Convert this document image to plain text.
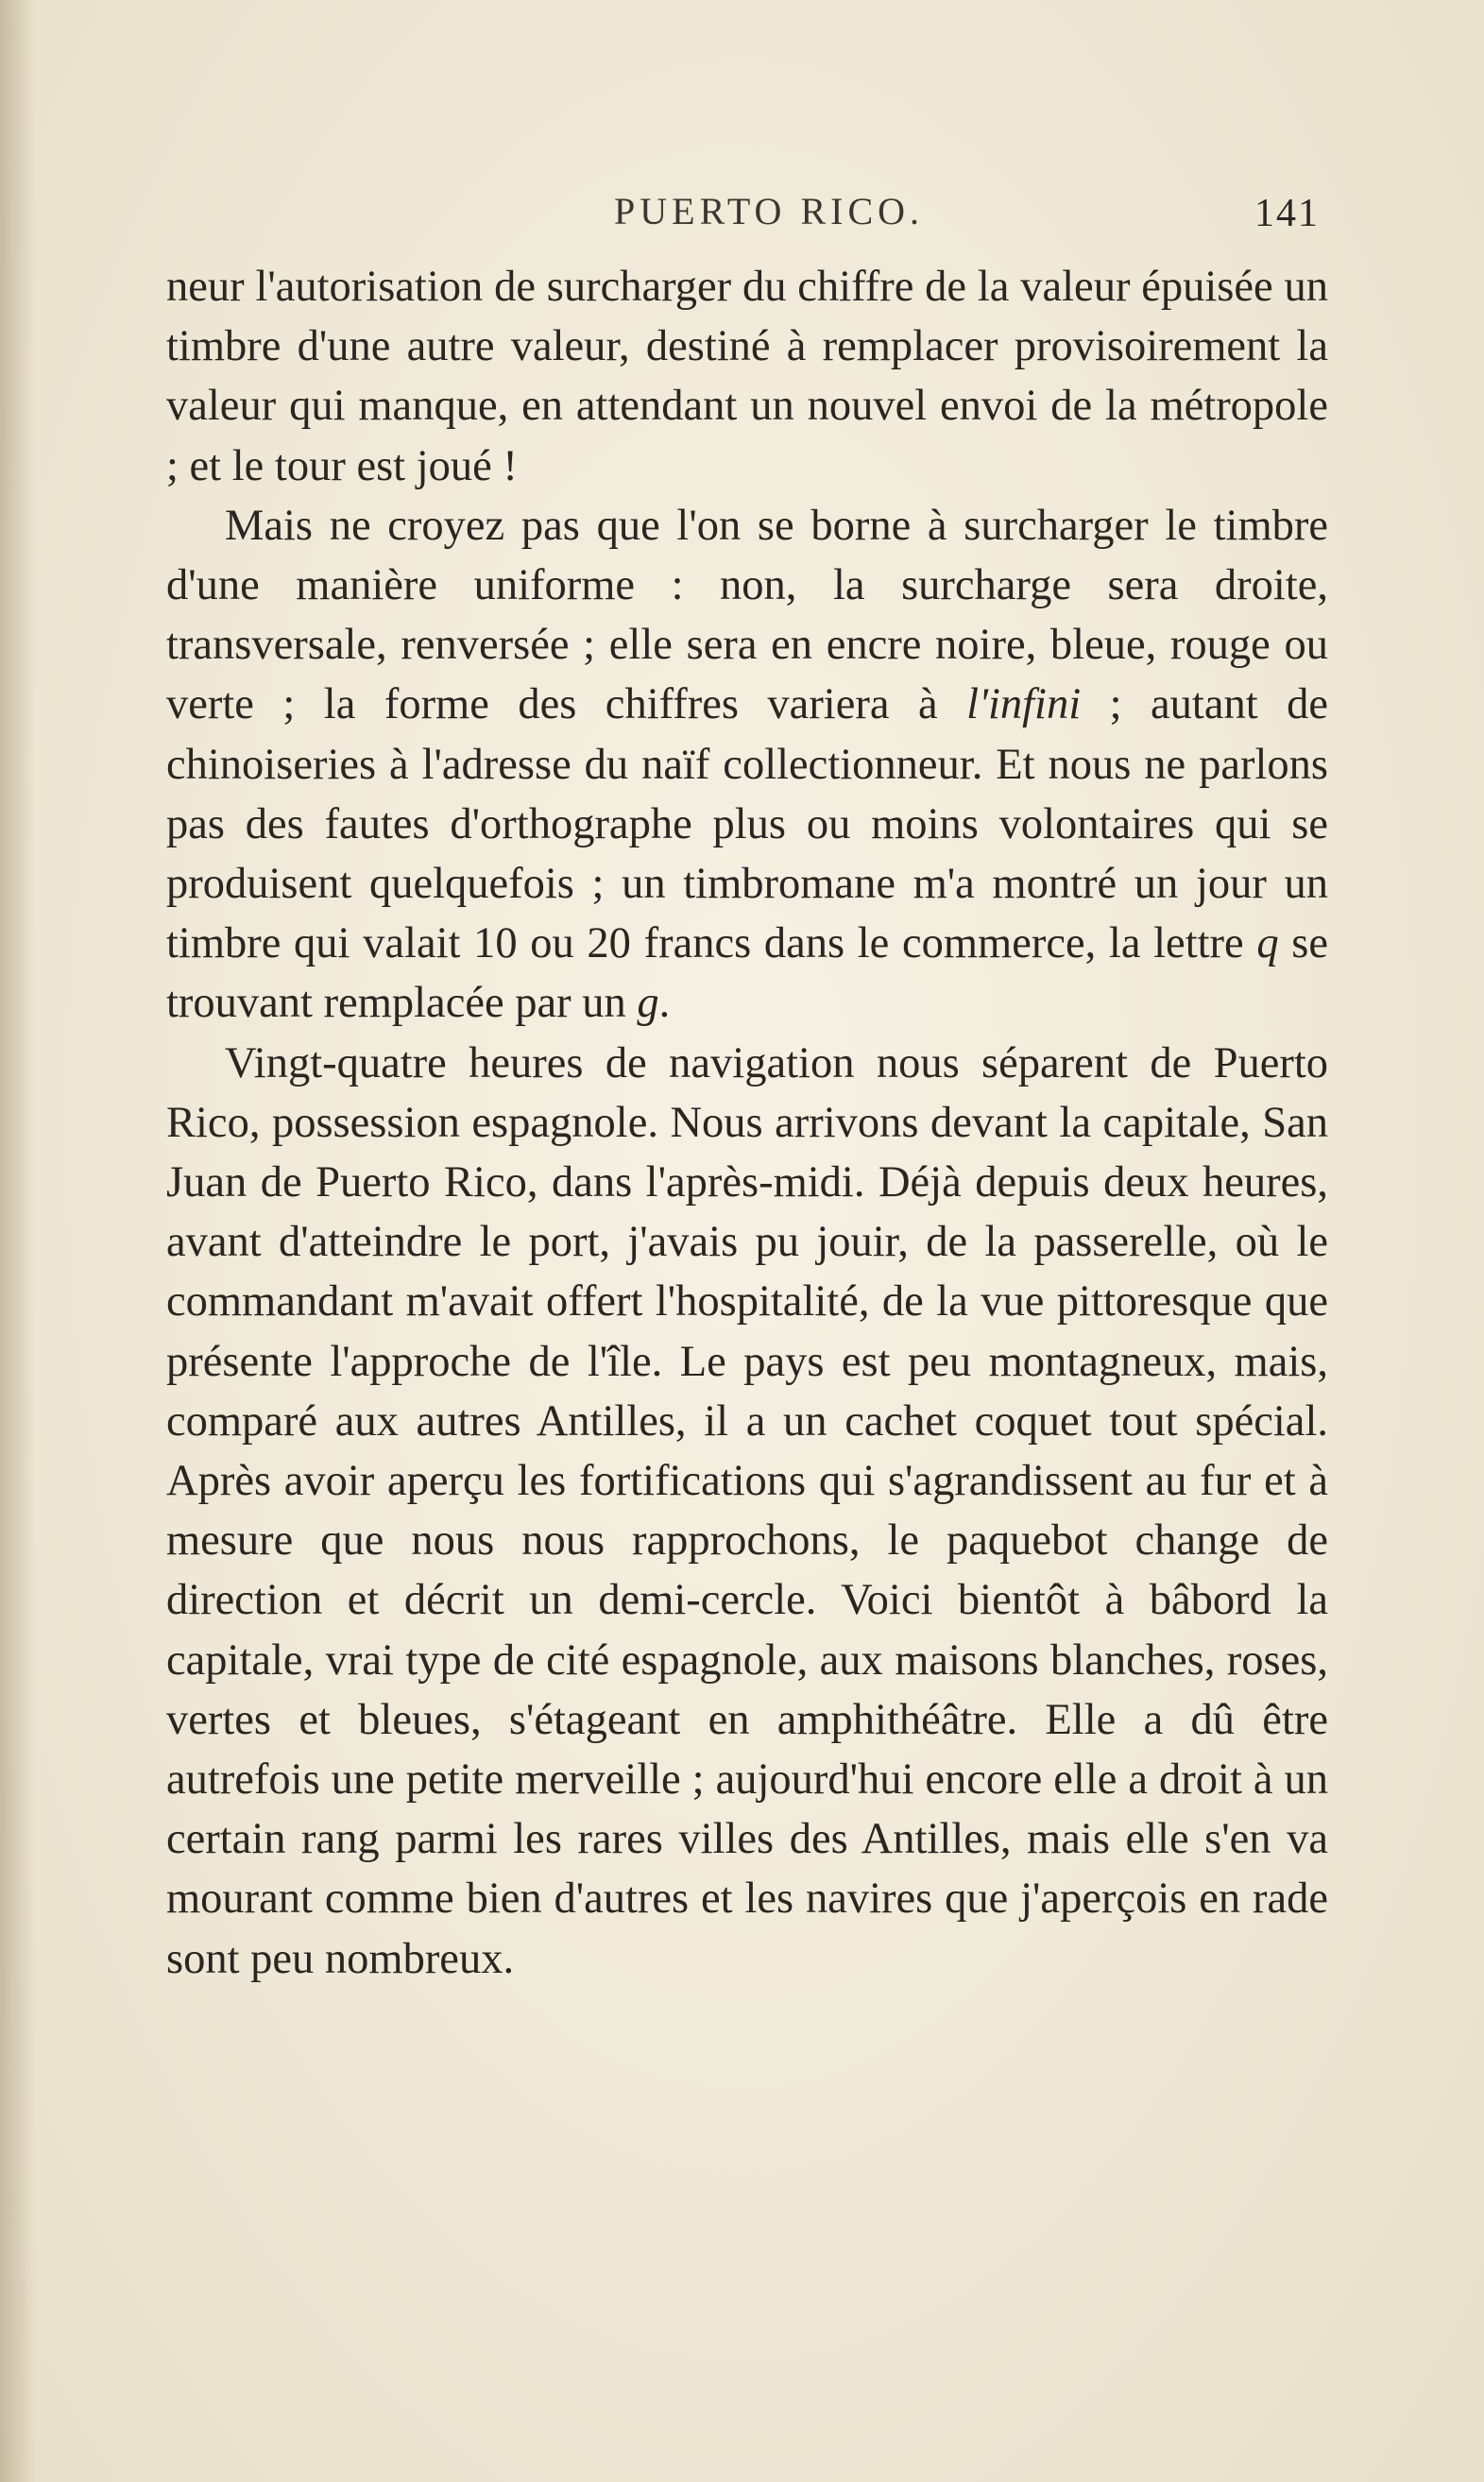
PUERTO RICO.	141

neur l'autorisation de surcharger du chiffre de la valeur épuisée un timbre d'une autre valeur, destiné à remplacer provisoirement la valeur qui manque, en attendant un nouvel envoi de la métropole ; et le tour est joué !

Mais ne croyez pas que l'on se borne à surcharger le timbre d'une manière uniforme : non, la surcharge sera droite, transversale, renversée ; elle sera en encre noire, bleue, rouge ou verte ; la forme des chiffres variera à l'infini ; autant de chinoiseries à l'adresse du naïf collectionneur. Et nous ne parlons pas des fautes d'orthographe plus ou moins volontaires qui se produisent quelquefois ; un timbromane m'a montré un jour un timbre qui valait 10 ou 20 francs dans le commerce, la lettre q se trouvant remplacée par un g.

Vingt-quatre heures de navigation nous séparent de Puerto Rico, possession espagnole. Nous arrivons devant la capitale, San Juan de Puerto Rico, dans l'après-midi. Déjà depuis deux heures, avant d'atteindre le port, j'avais pu jouir, de la passerelle, où le commandant m'avait offert l'hospitalité, de la vue pittoresque que présente l'approche de l'île. Le pays est peu montagneux, mais, comparé aux autres Antilles, il a un cachet coquet tout spécial. Après avoir aperçu les fortifications qui s'agrandissent au fur et à mesure que nous nous rapprochons, le paquebot change de direction et décrit un demi-cercle. Voici bientôt à bâbord la capitale, vrai type de cité espagnole, aux maisons blanches, roses, vertes et bleues, s'étageant en amphithéâtre. Elle a dû être autrefois une petite merveille ; aujourd'hui encore elle a droit à un certain rang parmi les rares villes des Antilles, mais elle s'en va mourant comme bien d'autres et les navires que j'aperçois en rade sont peu nombreux.
